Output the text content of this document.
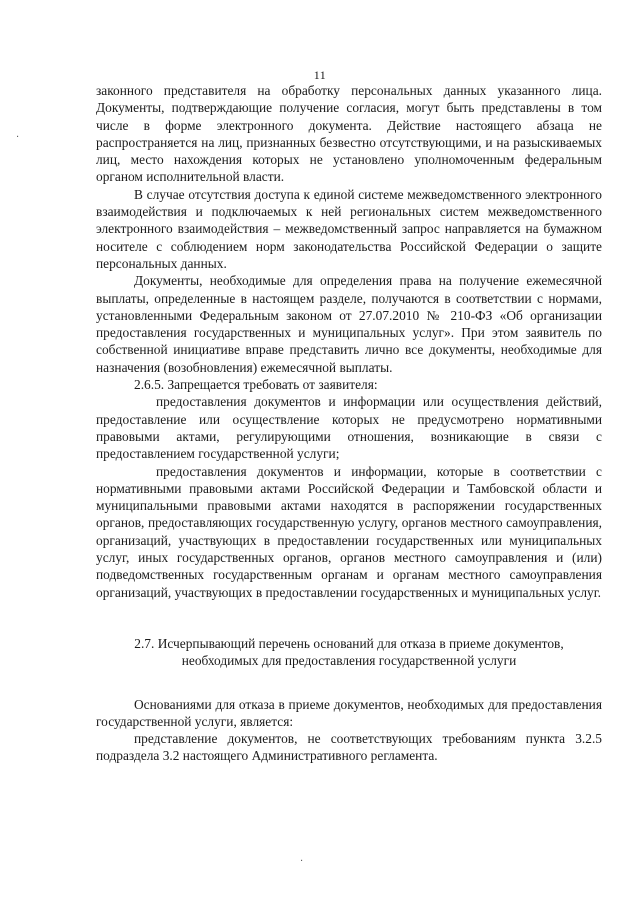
11

законного представителя на обработку персональных данных указанного лица. Документы, подтверждающие получение согласия, могут быть представлены в том числе в форме электронного документа. Действие настоящего абзаца не распространяется на лиц, признанных безвестно отсутствующими, и на разыскиваемых лиц, место нахождения которых не установлено уполномоченным федеральным органом исполнительной власти.

В случае отсутствия доступа к единой системе межведомственного электронного взаимодействия и подключаемых к ней региональных систем межведомственного электронного взаимодействия – межведомственный запрос направляется на бумажном носителе с соблюдением норм законодательства Российской Федерации о защите персональных данных.

Документы, необходимые для определения права на получение ежемесячной выплаты, определенные в настоящем разделе, получаются в соответствии с нормами, установленными Федеральным законом от 27.07.2010 № 210-ФЗ «Об организации предоставления государственных и муниципальных услуг». При этом заявитель по собственной инициативе вправе представить лично все документы, необходимые для назначения (возобновления) ежемесячной выплаты.

2.6.5. Запрещается требовать от заявителя:

предоставления документов и информации или осуществления действий, предоставление или осуществление которых не предусмотрено нормативными правовыми актами, регулирующими отношения, возникающие в связи с предоставлением государственной услуги;

предоставления документов и информации, которые в соответствии с нормативными правовыми актами Российской Федерации и Тамбовской области и муниципальными правовыми актами находятся в распоряжении государственных органов, предоставляющих государственную услугу, органов местного самоуправления, организаций, участвующих в предоставлении государственных или муниципальных услуг, иных государственных органов, органов местного самоуправления и (или) подведомственных государственным органам и органам местного самоуправления организаций, участвующих в предоставлении государственных и муниципальных услуг.

2.7. Исчерпывающий перечень оснований для отказа в приеме документов,
необходимых для предоставления государственной услуги

Основаниями для отказа в приеме документов, необходимых для предоставления государственной услуги, является:

представление документов, не соответствующих требованиям пункта 3.2.5 подраздела 3.2 настоящего Административного регламента.

·
·
